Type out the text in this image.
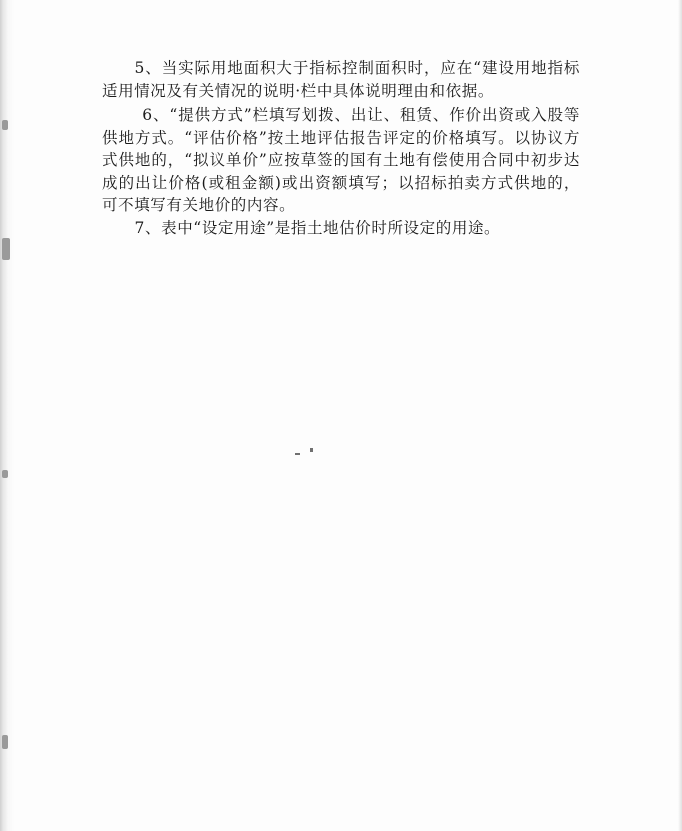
5、当实际用地面积大于指标控制面积时，应在“建设用地指标适用情况及有关情况的说明·栏中具体说明理由和依据。

6、“提供方式”栏填写划拨、出让、租赁、作价出资或入股等供地方式。“评估价格”按土地评估报告评定的价格填写。以协议方式供地的，“拟议单价”应按草签的国有土地有偿使用合同中初步达成的出让价格(或租金额)或出资额填写；以招标拍卖方式供地的，可不填写有关地价的内容。

7、表中“设定用途”是指土地估价时所设定的用途。
